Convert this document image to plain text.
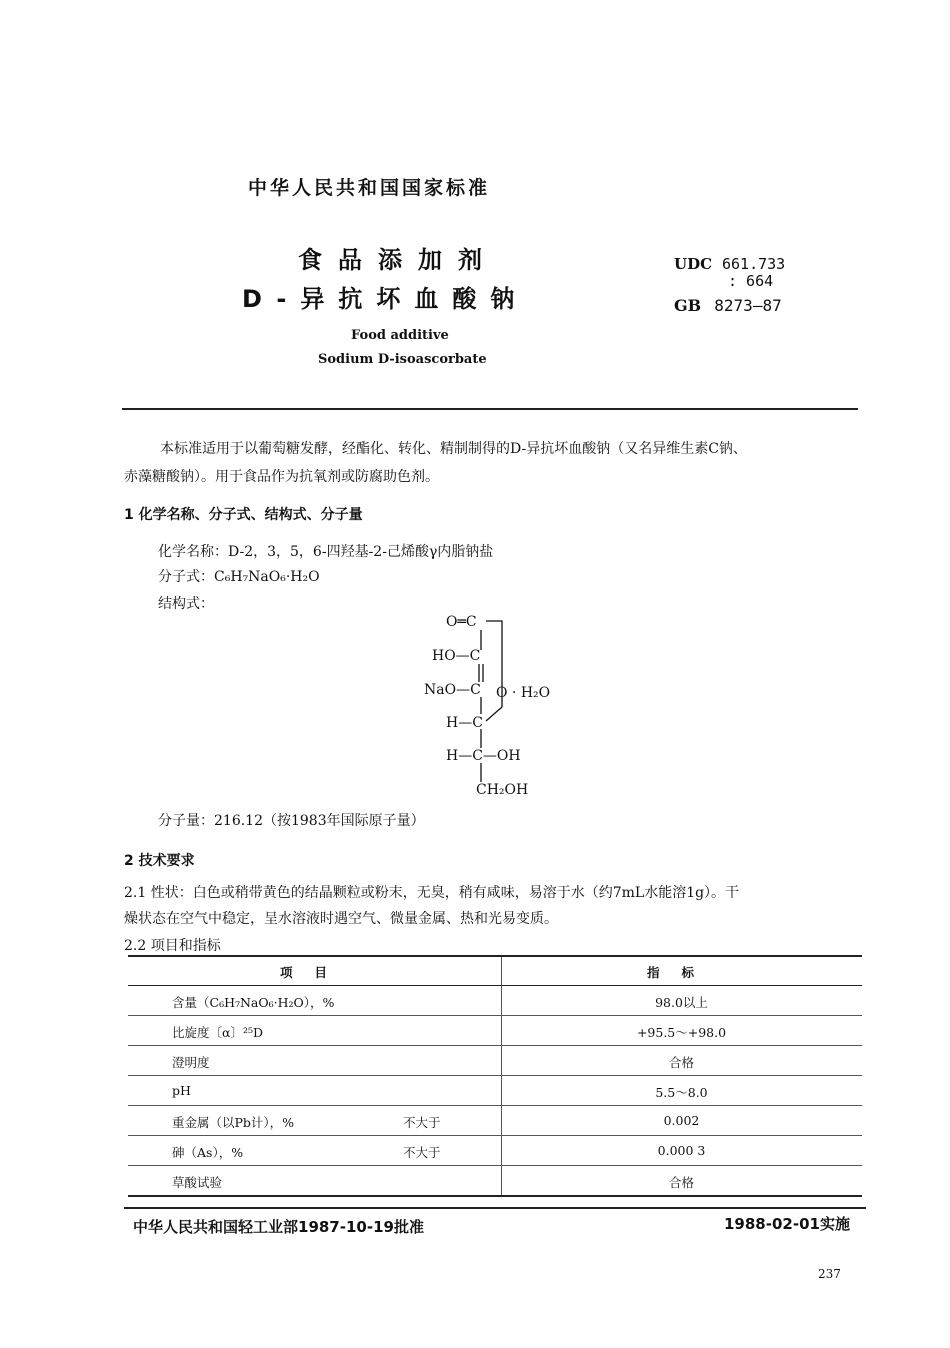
中华人民共和国国家标准
食品添加剂
D-异抗坏血酸钠
Food additive
Sodium D-isoascorbate
UDC 661.733
: 664
GB 8273—87
本标准适用于以葡萄糖发酵，经酯化、转化、精制制得的D-异抗坏血酸钠（又名异维生素C钠、
赤藻糖酸钠）。用于食品作为抗氧剂或防腐助色剂。
1 化学名称、分子式、结构式、分子量
化学名称：D-2，3，5，6-四羟基-2-己烯酸γ内脂钠盐
分子式：C₆H₇NaO₆·H₂O
结构式：
O═C
HO—C
NaO—C O · H₂O
H—C
H—C—OH
CH₂OH
分子量：216.12（按1983年国际原子量）
2 技术要求
2.1 性状：白色或稍带黄色的结晶颗粒或粉末，无臭，稍有咸味，易溶于水（约7mL水能溶1g）。干
燥状态在空气中稳定，呈水溶液时遇空气、微量金属、热和光易变质。
2.2 项目和指标
项目	指标
含量（C₆H₇NaO₆·H₂O），%	98.0以上
比旋度〔α〕²⁵D	+95.5～+98.0
澄明度	合格
pH	5.5～8.0
重金属（以Pb计），%	不大于	0.002
砷（As），%	不大于	0.000 3
草酸试验	合格
中华人民共和国轻工业部1987-10-19批准	1988-02-01实施
237
